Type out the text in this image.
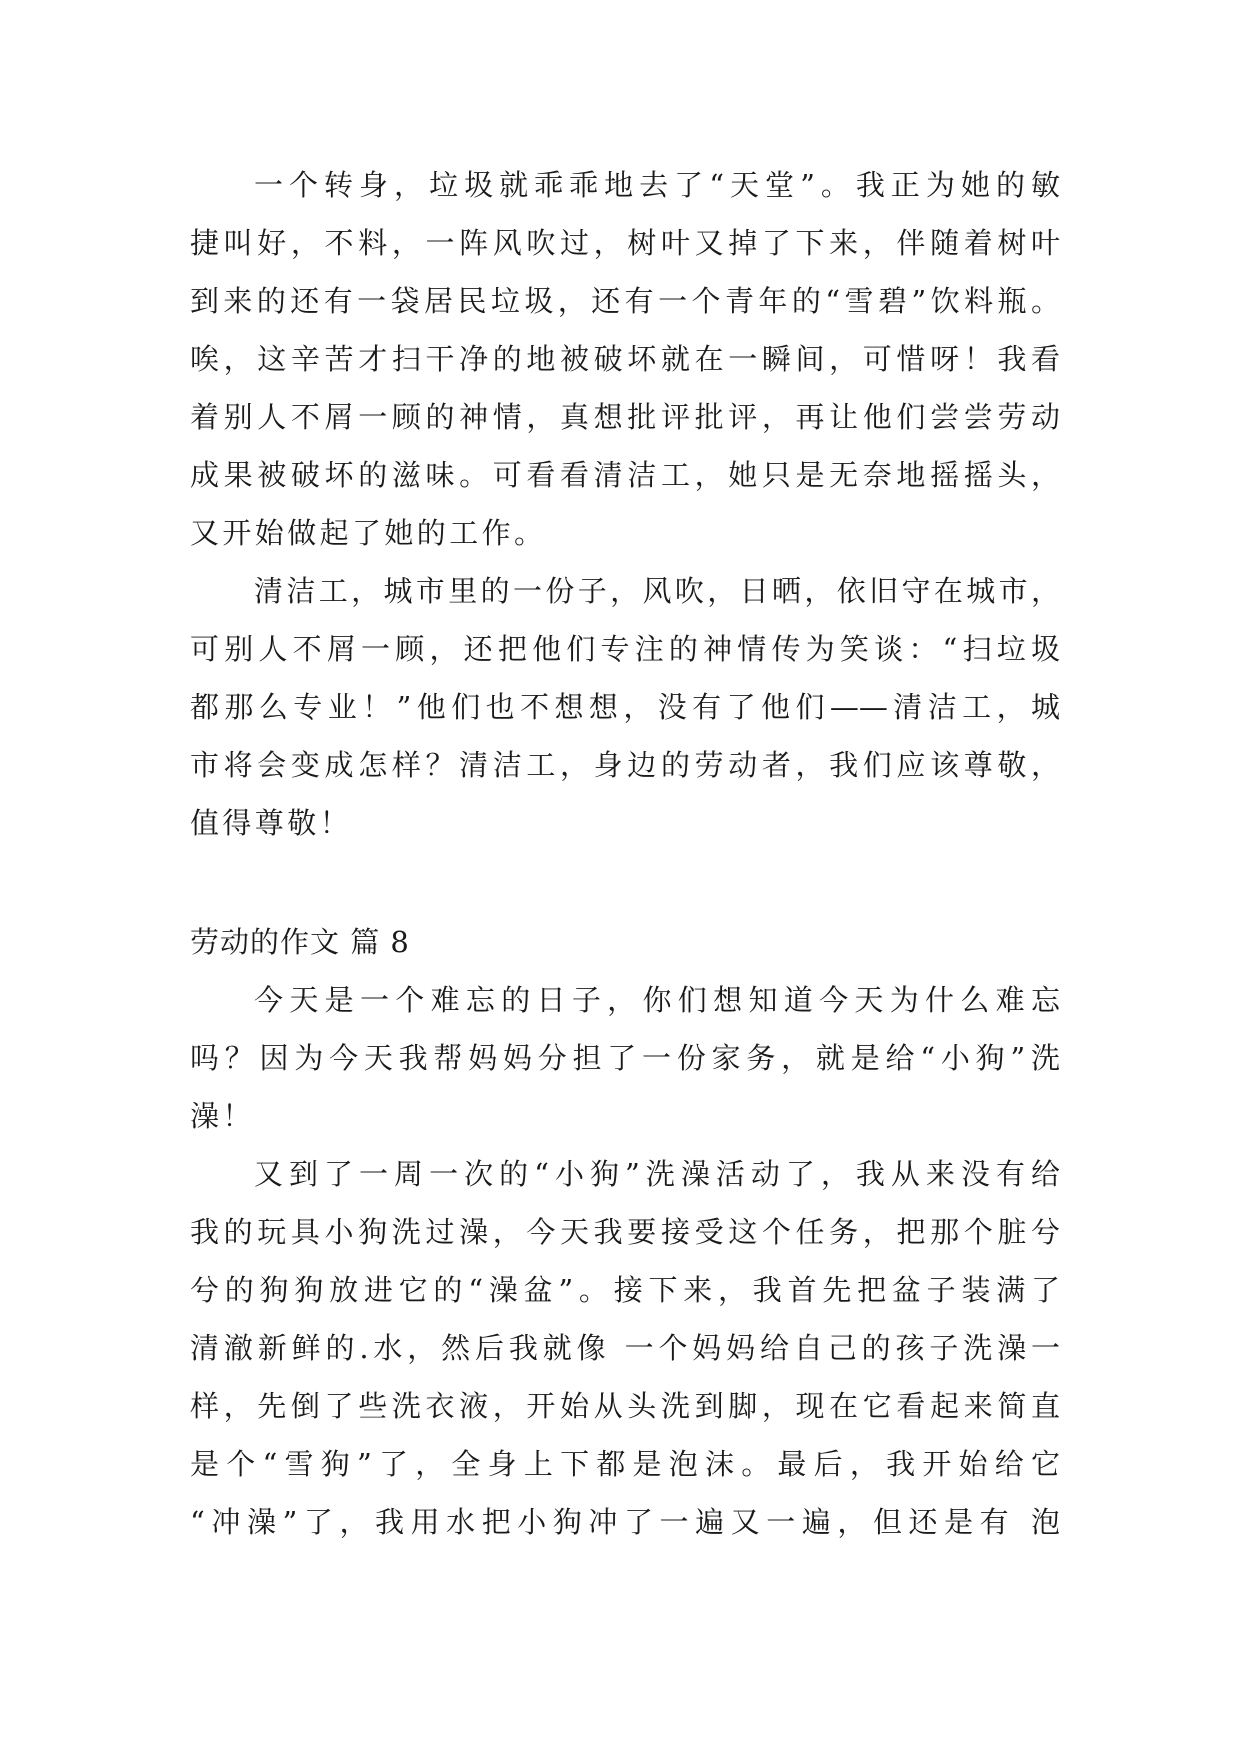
一个转身，垃圾就乖乖地去了“天堂”。我正为她的敏
捷叫好，不料，一阵风吹过，树叶又掉了下来，伴随着树叶
到来的还有一袋居民垃圾，还有一个青年的“雪碧”饮料瓶。
唉，这辛苦才扫干净的地被破坏就在一瞬间，可惜呀！我看
着别人不屑一顾的神情，真想批评批评，再让他们尝尝劳动
成果被破坏的滋味。可看看清洁工，她只是无奈地摇摇头，
又开始做起了她的工作。
清洁工，城市里的一份子，风吹，日晒，依旧守在城市，
可别人不屑一顾，还把他们专注的神情传为笑谈：“扫垃圾
都那么专业！”他们也不想想，没有了他们——清洁工，城
市将会变成怎样？清洁工，身边的劳动者，我们应该尊敬，
值得尊敬！
劳动的作文 篇 8
今天是一个难忘的日子，你们想知道今天为什么难忘
吗？因为今天我帮妈妈分担了一份家务，就是给“小狗”洗
澡！
又到了一周一次的“小狗”洗澡活动了，我从来没有给
我的玩具小狗洗过澡，今天我要接受这个任务，把那个脏兮
兮的狗狗放进它的“澡盆”。接下来，我首先把盆子装满了
清澈新鲜的.水，然后我就像 一个妈妈给自己的孩子洗澡一
样，先倒了些洗衣液，开始从头洗到脚，现在它看起来简直
是个“雪狗”了，全身上下都是泡沫。最后，我开始给它
“冲澡”了，我用水把小狗冲了一遍又一遍，但还是有 泡
